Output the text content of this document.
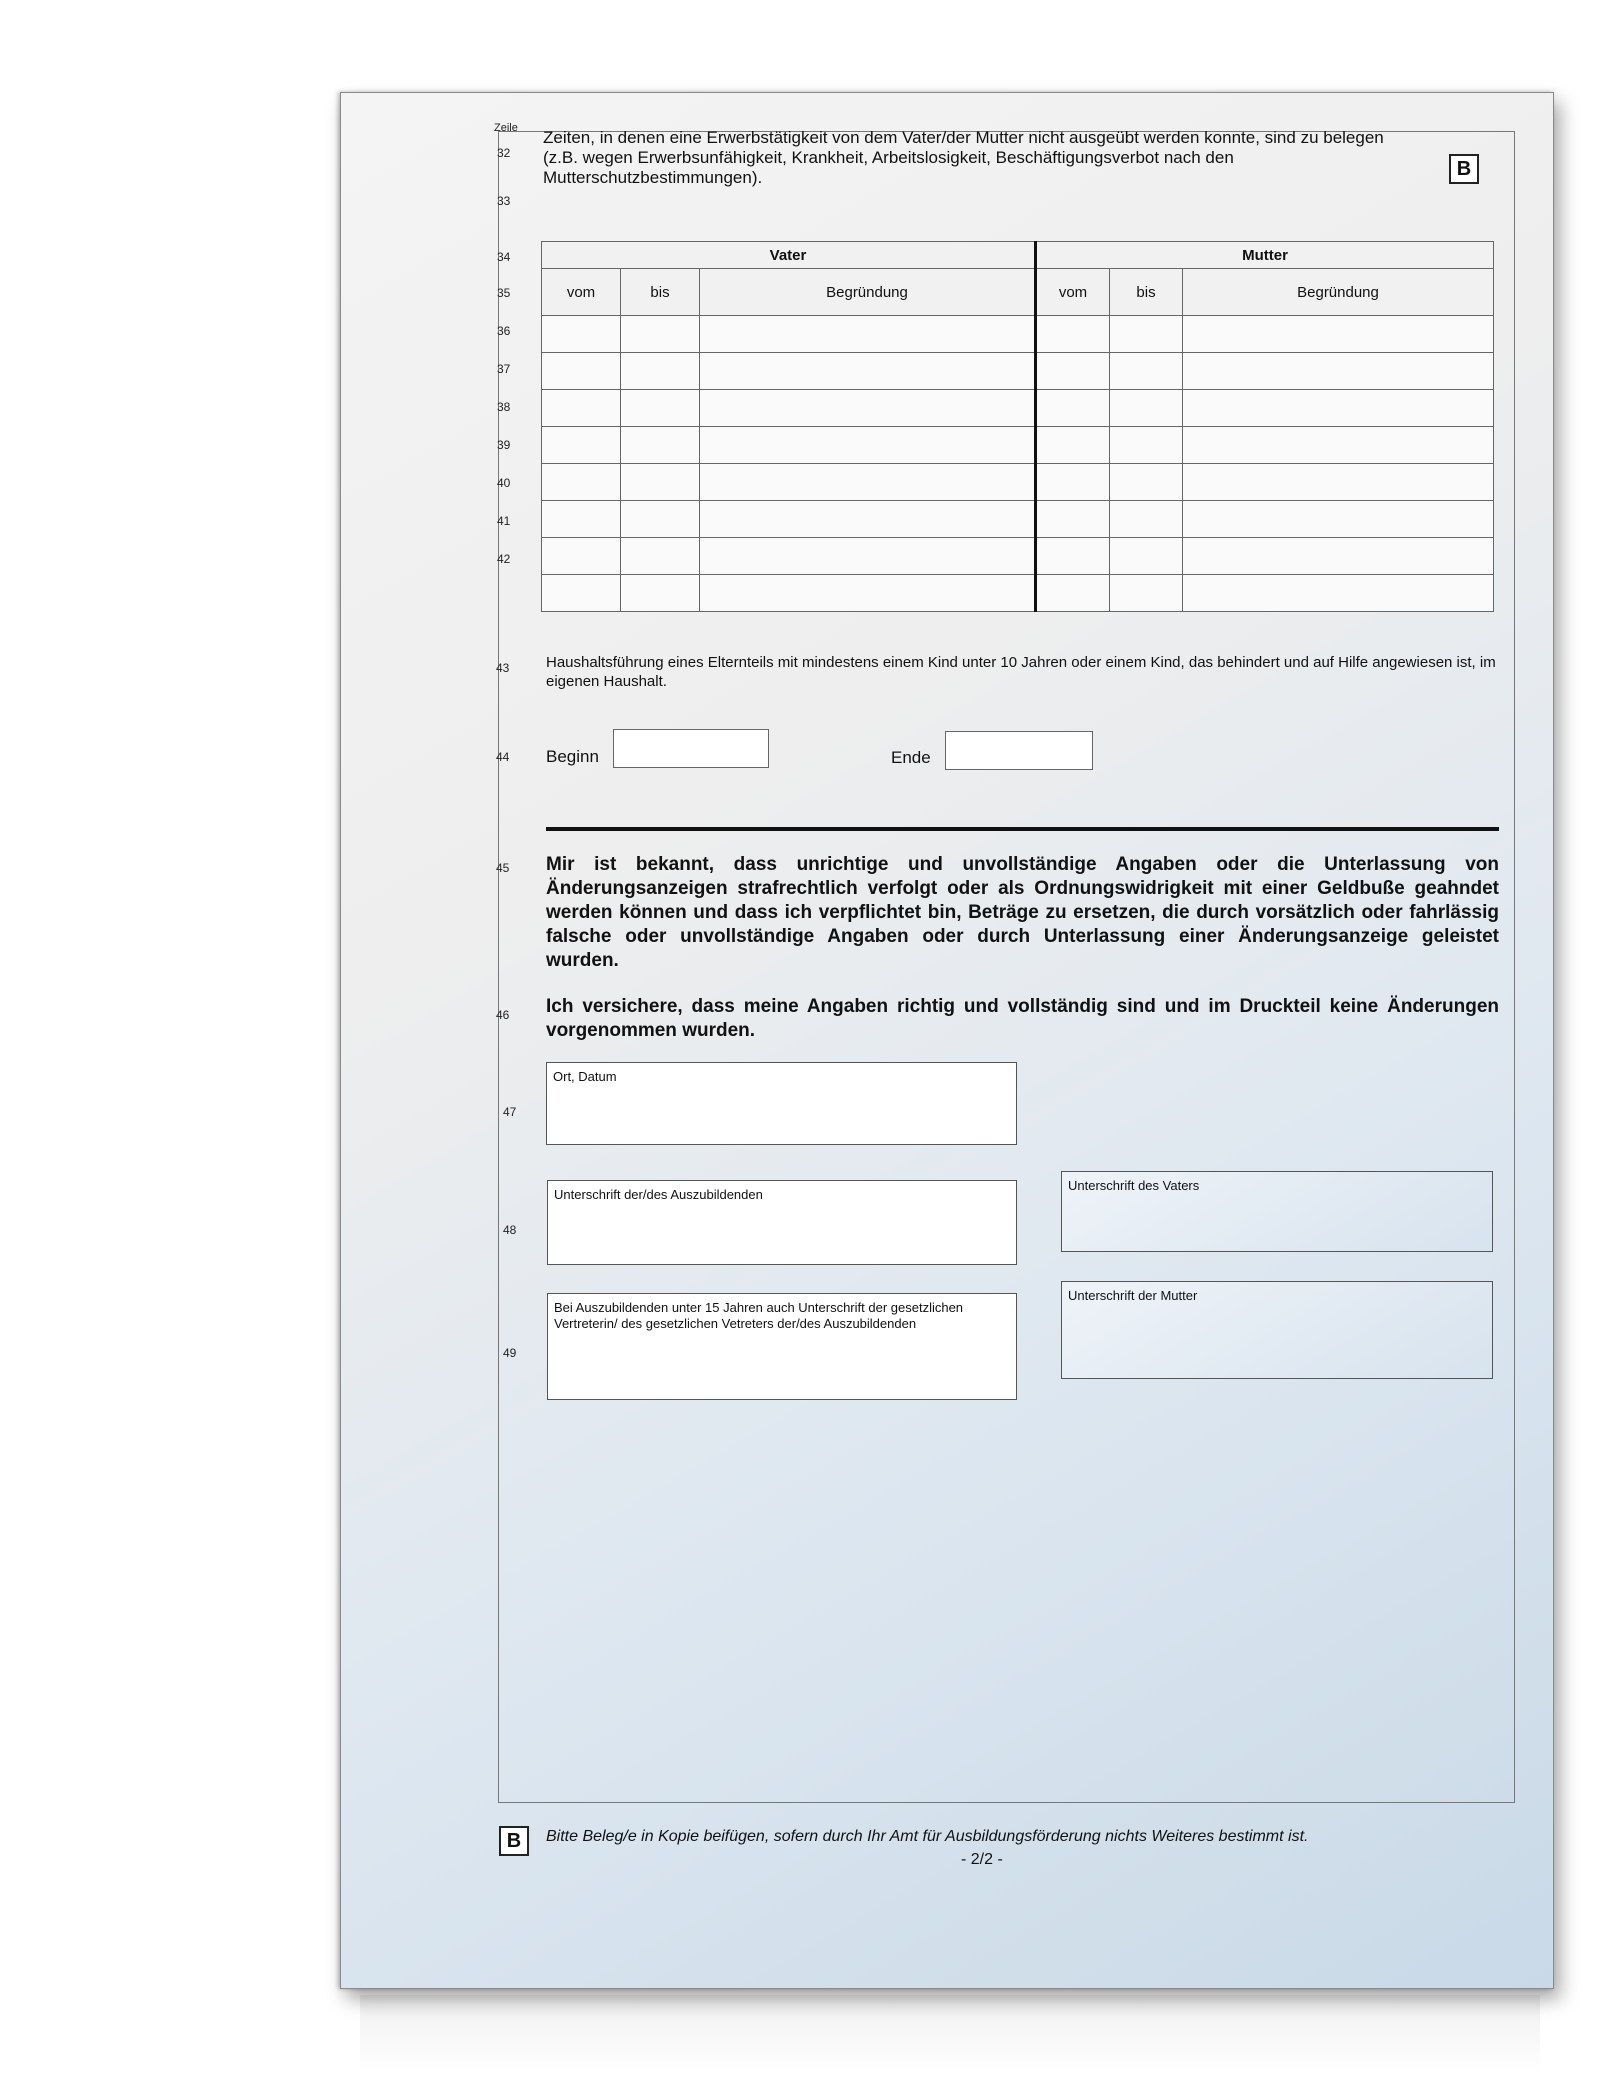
Zeile
32
Zeiten, in denen eine Erwerbstätigkeit von dem Vater/der Mutter nicht ausgeübt werden konnte, sind zu belegen
(z.B. wegen Erwerbsunfähigkeit, Krankheit, Arbeitslosigkeit, Beschäftigungsverbot nach den Mutterschutzbestimmungen).	B
33
34
35
36
37
38
39
40
41
42
Vater			Mutter		
vom	bis	Begründung	vom	bis	Begründung

43 Haushaltsführung eines Elternteils mit mindestens einem Kind unter 10 Jahren oder einem Kind, das behindert und auf Hilfe angewiesen ist, im eigenen Haushalt.
44 Beginn	Ende
45 Mir ist bekannt, dass unrichtige und unvollständige Angaben oder die Unterlassung von Änderungsanzeigen strafrechtlich verfolgt oder als Ordnungswidrigkeit mit einer Geldbuße geahndet werden können und dass ich verpflichtet bin, Beträge zu ersetzen, die durch vorsätzlich oder fahrlässig falsche oder unvollständige Angaben oder durch Unterlassung einer Änderungsanzeige geleistet wurden.
46 Ich versichere, dass meine Angaben richtig und vollständig sind und im Druckteil keine Änderungen vorgenommen wurden.
47
Ort, Datum
48
Unterschrift der/des Auszubildenden
Unterschrift des Vaters
49
Bei Auszubildenden unter 15 Jahren auch Unterschrift der gesetzlichen Vertreterin/ des gesetzlichen Vetreters der/des Auszubildenden
Unterschrift der Mutter
B	Bitte Beleg/e in Kopie beifügen, sofern durch Ihr Amt für Ausbildungsförderung nichts Weiteres bestimmt ist.
- 2/2 -
